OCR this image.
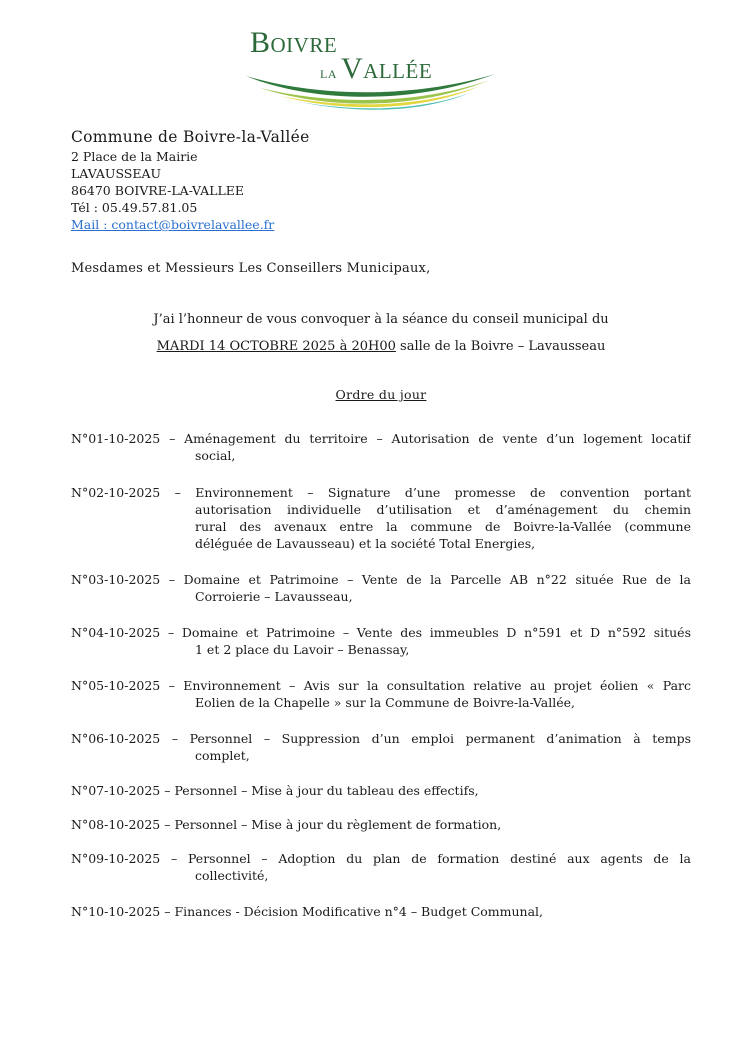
Boivre
la Vallée
Commune de Boivre-la-Vallée
2 Place de la Mairie
LAVAUSSEAU
86470 BOIVRE-LA-VALLEE
Tél : 05.49.57.81.05
Mail : contact@boivrelavallee.fr
Mesdames et Messieurs Les Conseillers Municipaux,
J’ai l’honneur de vous convoquer à la séance du conseil municipal du
MARDI 14 OCTOBRE 2025 à 20H00 salle de la Boivre – Lavausseau
Ordre du jour
N°01-10-2025 – Aménagement du territoire – Autorisation de vente d’un logement locatif
social,
N°02-10-2025 – Environnement – Signature d’une promesse de convention portant
autorisation individuelle d’utilisation et d’aménagement du chemin
rural des avenaux entre la commune de Boivre-la-Vallée (commune
déléguée de Lavausseau) et la société Total Energies,
N°03-10-2025 – Domaine et Patrimoine – Vente de la Parcelle AB n°22 située Rue de la
Corroierie – Lavausseau,
N°04-10-2025 – Domaine et Patrimoine – Vente des immeubles D n°591 et D n°592 situés
1 et 2 place du Lavoir – Benassay,
N°05-10-2025 – Environnement – Avis sur la consultation relative au projet éolien « Parc
Eolien de la Chapelle » sur la Commune de Boivre-la-Vallée,
N°06-10-2025 – Personnel – Suppression d’un emploi permanent d’animation à temps
complet,
N°07-10-2025 – Personnel – Mise à jour du tableau des effectifs,
N°08-10-2025 – Personnel – Mise à jour du règlement de formation,
N°09-10-2025 – Personnel – Adoption du plan de formation destiné aux agents de la
collectivité,
N°10-10-2025 – Finances - Décision Modificative n°4 – Budget Communal,
